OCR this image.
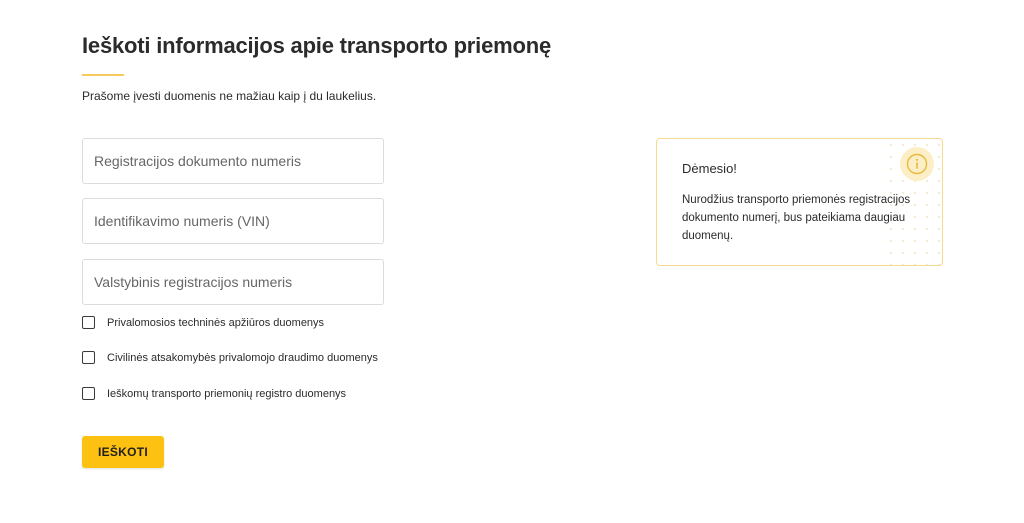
Ieškoti informacijos apie transporto priemonę

Prašome įvesti duomenis ne mažiau kaip į du laukelius.

Registracijos dokumento numeris
Identifikavimo numeris (VIN)
Valstybinis registracijos numeris
Privalomosios techninės apžiūros duomenys
Civilinės atsakomybės privalomojo draudimo duomenys
Ieškomų transporto priemonių registro duomenys
IEŠKOTI
Dėmesio!
Nurodžius transporto priemonės registracijos dokumento numerį, bus pateikiama daugiau duomenų.
